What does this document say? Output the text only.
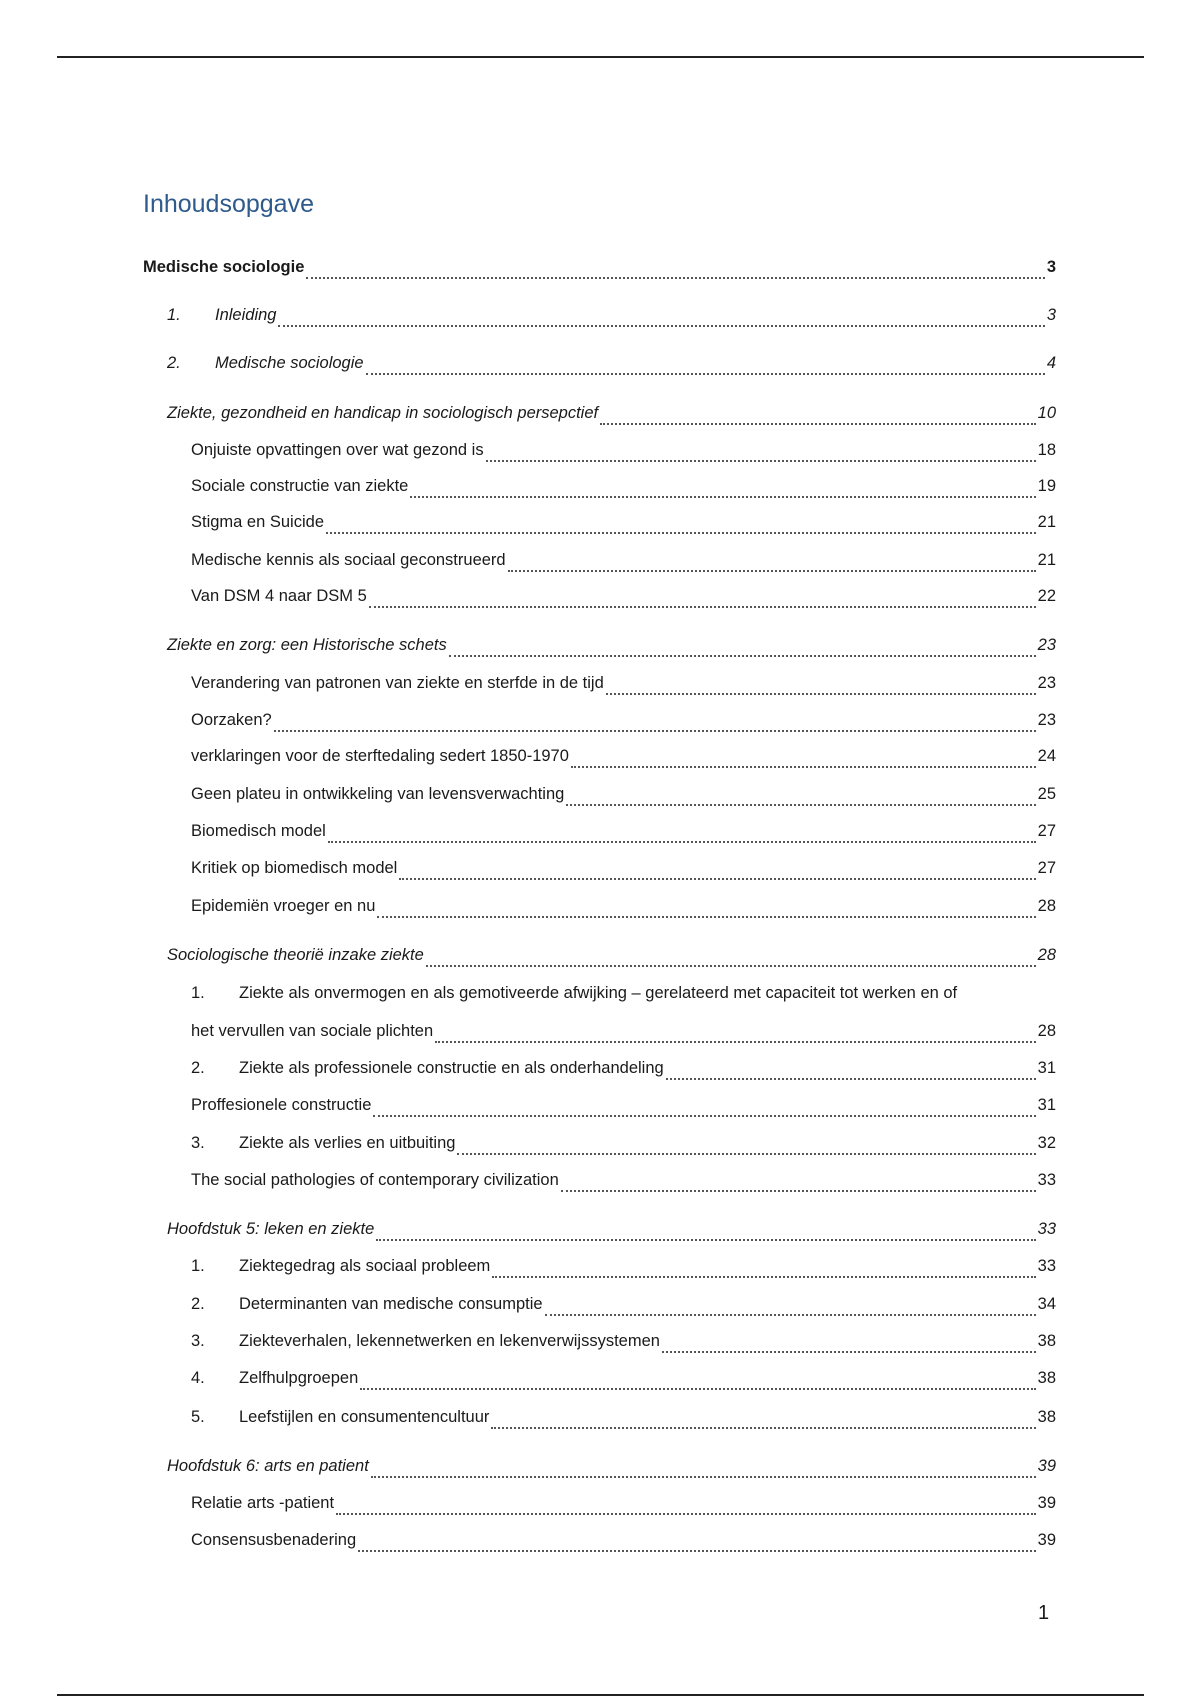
Inhoudsopgave
Medische sociologie	3
1. Inleiding	3
2. Medische sociologie	4
Ziekte, gezondheid en handicap in sociologisch persepctief	10
Onjuiste opvattingen over wat gezond is	18
Sociale constructie van ziekte	19
Stigma en Suicide	21
Medische kennis als sociaal geconstrueerd	21
Van DSM 4 naar DSM 5	22
Ziekte en zorg: een Historische schets	23
Verandering van patronen van ziekte en sterfde in de tijd	23
Oorzaken?	23
verklaringen voor de sterftedaling sedert 1850-1970	24
Geen plateu in ontwikkeling van levensverwachting	25
Biomedisch model	27
Kritiek op biomedisch model	27
Epidemiën vroeger en nu	28
Sociologische theorië inzake ziekte	28
1. Ziekte als onvermogen en als gemotiveerde afwijking – gerelateerd met capaciteit tot werken en of
het vervullen van sociale plichten	28
2. Ziekte als professionele constructie en als onderhandeling	31
Proffesionele constructie	31
3. Ziekte als verlies en uitbuiting	32
The social pathologies of contemporary civilization	33
Hoofdstuk 5: leken en ziekte	33
1. Ziektegedrag als sociaal probleem	33
2. Determinanten van medische consumptie	34
3. Ziekteverhalen, lekennetwerken en lekenverwijssystemen	38
4. Zelfhulpgroepen	38
5. Leefstijlen en consumentencultuur	38
Hoofdstuk 6: arts en patient	39
Relatie arts -patient	39
Consensusbenadering	39
1
